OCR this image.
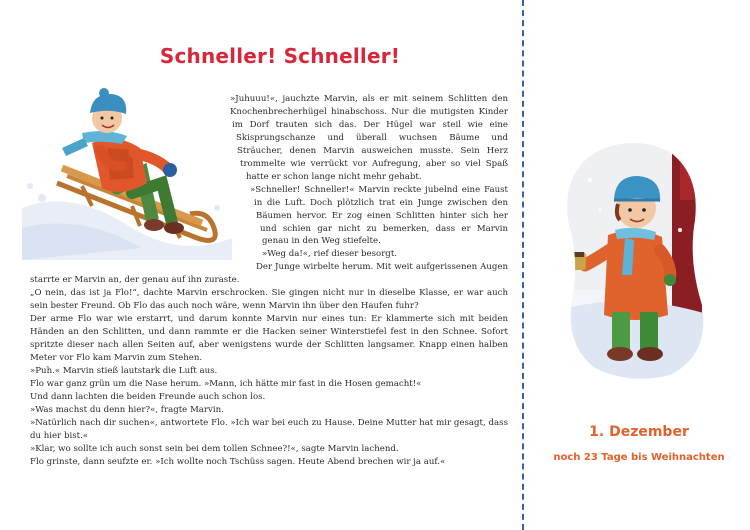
Schneller! Schneller!

»Juhuuu!«, jauchzte Marvin, als er mit seinem Schlitten den Knochenbrecherhügel hinabschoss. Nur die mutigsten Kinder im Dorf trauten sich das. Der Hügel war steil wie eine Skisprungschanze und überall wuchsen Bäume und Sträucher, denen Marvin ausweichen musste. Sein Herz trommelte wie verrückt vor Aufregung, aber so viel Spaß hatte er schon lange nicht mehr gehabt.

»Schneller! Schneller!« Marvin reckte jubelnd eine Faust in die Luft. Doch plötzlich trat ein Junge zwischen den Bäumen hervor. Er zog einen Schlitten hinter sich her und schien gar nicht zu bemerken, dass er Marvin genau in den Weg stiefelte.

»Weg da!«, rief dieser besorgt.

Der Junge wirbelte herum. Mit weit aufgerissenen Augen starrte er Marvin an, der genau auf ihn zuraste.

„O nein, das ist ja Flo!“, dachte Marvin erschrocken. Sie gingen nicht nur in dieselbe Klasse, er war auch sein bester Freund. Ob Flo das auch noch wäre, wenn Marvin ihn über den Haufen fuhr?

Der arme Flo war wie erstarrt, und darum konnte Marvin nur eines tun: Er klammerte sich mit beiden Händen an den Schlitten, und dann rammte er die Hacken seiner Winterstiefel fest in den Schnee. Sofort spritzte dieser nach allen Seiten auf, aber wenigstens wurde der Schlitten langsamer. Knapp einen halben Meter vor Flo kam Marvin zum Stehen.

»Puh.« Marvin stieß lautstark die Luft aus.

Flo war ganz grün um die Nase herum. »Mann, ich hätte mir fast in die Hosen gemacht!«

Und dann lachten die beiden Freunde auch schon los.

»Was machst du denn hier?«, fragte Marvin.

»Natürlich nach dir suchen«, antwortete Flo. »Ich war bei euch zu Hause. Deine Mutter hat mir gesagt, dass du hier bist.«

»Klar, wo sollte ich auch sonst sein bei dem tollen Schnee?!«, sagte Marvin lachend.

Flo grinste, dann seufzte er. »Ich wollte noch Tschüss sagen. Heute Abend brechen wir ja auf.«

1. Dezember
noch 23 Tage bis Weihnachten
